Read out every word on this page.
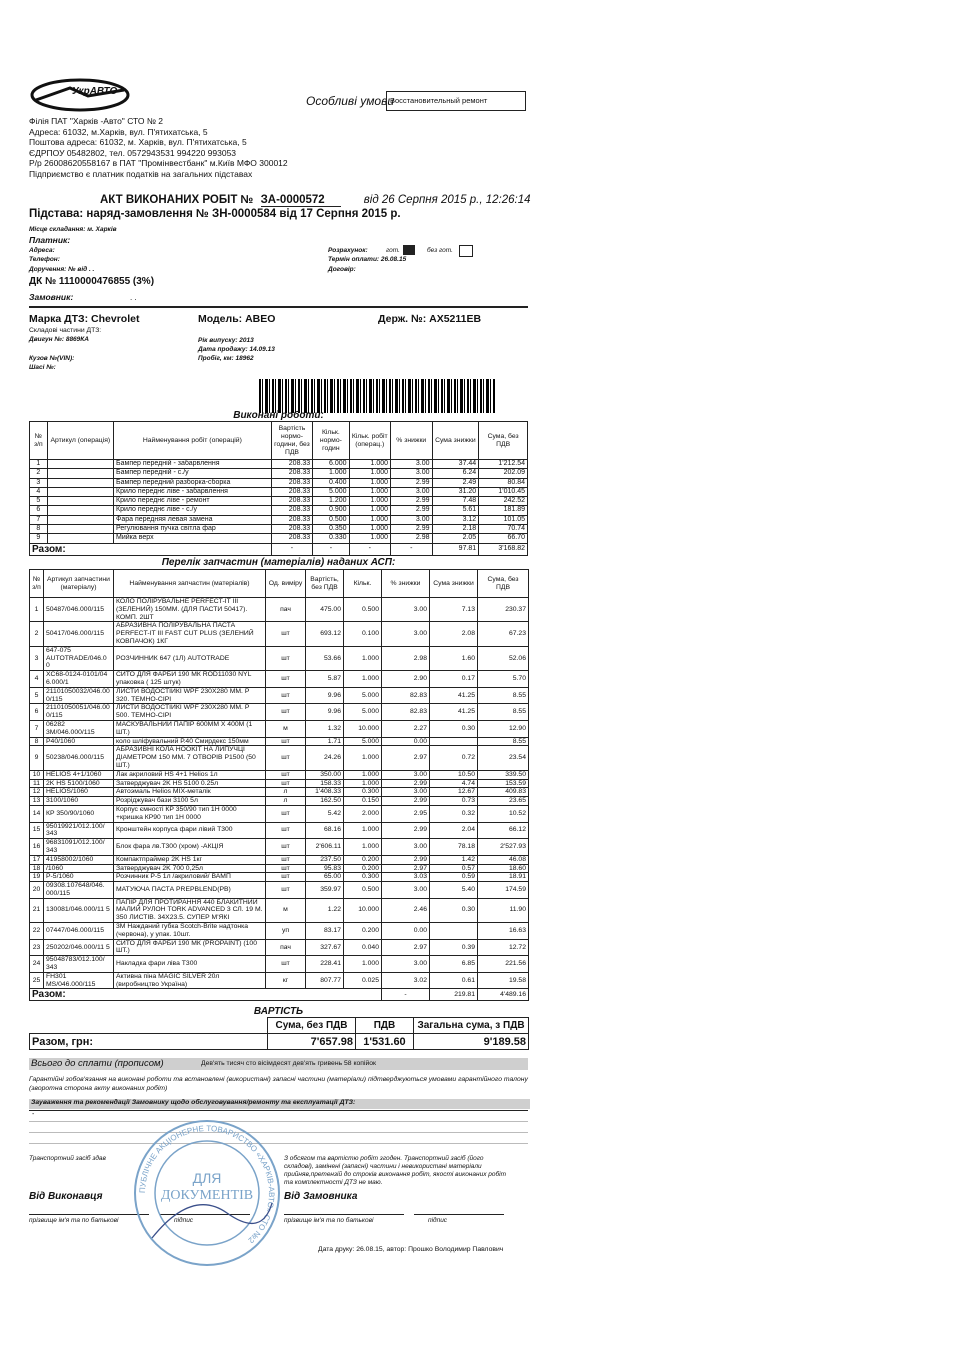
УкрАВТО
Особливі умови
Восстановительный ремонт
Філія ПАТ "Харків -Авто" СТО № 2
Адреса: 61032, м.Харків, вул. П'ятихатська, 5
Поштова адреса: 61032, м. Харків, вул. П'ятихатська, 5
ЄДРПОУ 05482802, тел. 0572943531 994220 993053
Р/р 26008620558167 в ПАТ "Промінвестбанк" м.Київ МФО 300012
Підприємство є платник податків на загальних підставах
АКТ ВИКОНАНИХ РОБІТ № ЗА-0000572	від 26 Серпня 2015 р., 12:26:14
Підстава: наряд-замовлення № ЗН-0000584 від 17 Серпня 2015 р.
Місце складання: м. Харків
Платник:
Адреса:
Телефон:
Доручення: № від . .
ДК № 1110000476855 (3%)
Замовник:	. .
Розрахунок:	гот.	без гот.
Термін оплати: 26.08.15
Договір:
Марка ДТЗ: Chevrolet	Модель: АВЕО	Держ. №: АХ5211ЕВ
Складові частини ДТЗ:
Двигун №: 8869КА
Кузов №(VIN):
Шасі №:
Рік випуску: 2013
Дата продажу: 14.09.13
Пробіг, км: 18962
Виконані роботи:
№ з/п	Артикул (операція)	Найменування робіт (операцій)	Вартість нормо-години, без ПДВ	Кільк. нормо-годин	Кільк. робіт (операц.)	% знижки	Сума знижки	Сума, без ПДВ
1		Бампер передній - забарвлення	208.33	6.000	1.000	3.00	37.44	1'212.54
2		Бампер передній - с./у	208.33	1.000	1.000	3.00	6.24	202.09
3		Бампер передний разборка-сборка	208.33	0.400	1.000	2.99	2.49	80.84
4		Крило переднє ліве - забарвлення	208.33	5.000	1.000	3.00	31.20	1'010.45
5		Крило переднє ліве - ремонт	208.33	1.200	1.000	2.99	7.48	242.52
6		Крило переднє ліве - с./у	208.33	0.900	1.000	2.99	5.61	181.89
7		Фара передняя левая замена	208.33	0.500	1.000	3.00	3.12	101.05
8		Регулювання пучка світла фар	208.33	0.350	1.000	2.99	2.18	70.74
9		Мийка верх	208.33	0.330	1.000	2.98	2.05	66.70
Разом:			-	-	-	-	97.81	3'168.82
Перелік запчастин (матеріалів) наданих АСП:
№ з/п	Артикул запчастини (матеріалу)	Найменування запчастин (матеріалів)	Од. виміру	Вартість, без ПДВ	Кільк.	% знижки	Сума знижки	Сума, без ПДВ
1	50487/046.000/115	КОЛО ПОЛІРУВАЛЬНЕ PERFECT-IT III (ЗЕЛЕНИЙ) 150ММ. (ДЛЯ ПАСТИ 50417). КОМП. 2ШТ	пач	475.00	0.500	3.00	7.13	230.37
2	50417/046.000/115	АБРАЗИВНА ПОЛІРУВАЛЬНА ПАСТА PERFECT-IT III FAST CUT PLUS (ЗЕЛЕНИЙ КОВПАЧОК) 1КГ	шт	693.12	0.100	3.00	2.08	67.23
3	647-075 AUTOTRADE/046.0 0	РОЗЧИННИК 647 (1Л) AUTOTRADE	шт	53.66	1.000	2.98	1.60	52.06
4	XC68-0124-0101/04 6.000/1	СИТО ДЛЯ ФАРБИ 190 МК ROD11030 NYL упаковка ( 125 штук)	шт	5.87	1.000	2.90	0.17	5.70
5	21101050032/046.00 0/115	ЛИСТИ ВОДОСТІЙКІ WPF 230X280 ММ. Р 320. ТЕМНО-СІРІ	шт	9.96	5.000	82.83	41.25	8.55
6	21101050051/046.00 0/115	ЛИСТИ ВОДОСТІЙКІ WPF 230X280 ММ. Р 500. ТЕМНО-СІРІ	шт	9.96	5.000	82.83	41.25	8.55
7	06282 3М/046.000/115	МАСКУВАЛЬНИЙ ПАПІР 600ММ Х 400М (1 ШТ.)	м	1.32	10.000	2.27	0.30	12.90
8	Р40/1060	коло шліфувальний Р.40 Смирдекс 150мм	шт	1.71	5.000	0.00		8.55
9	50238/046.000/115	АБРАЗИВНІ КОЛА HOOKIT НА ЛИПУЧЦІ ДІАМЕТРОМ 150 ММ. 7 ОТВОРІВ Р1500 (50 ШТ.)	шт	24.26	1.000	2.97	0.72	23.54
10	HELIOS 4+1/1060	Лак акриловий HS 4+1 Helios 1л	шт	350.00	1.000	3.00	10.50	339.50
11	2K HS 5100/1060	Затверджувач 2K HS 5100 0.25л	шт	158.33	1.000	2.99	4.74	153.59
12	HELIOS/1060	Автоэмаль Helios MIX-металік	л	1'408.33	0.300	3.00	12.67	409.83
13	3100/1060	Розріджувач бази 3100 5л	л	162.50	0.150	2.99	0.73	23.65
14	КР 350/90/1060	Корпус ємності КР 350/90 тип 1Н 0000 +кришка КР90 тип 1Н 0000	шт	5.42	2.000	2.95	0.32	10.52
15	95019921/012.100/ 343	Кронштейн корпуса фари лівий Т300	шт	68.16	1.000	2.99	2.04	66.12
16	96831091/012.100/ 343	Блок фара лв.Т300 (хром) -АКЦІЯ	шт	2'606.11	1.000	3.00	78.18	2'527.93
17	41958002/1060	Компактпраймер 2K HS 1кг	шт	237.50	0.200	2.99	1.42	46.08
18	/1060	Затверджувач 2K 700 0,25л	шт	95.83	0.200	2.97	0.57	18.60
19	Р-5/1060	Розчинник Р-5 1л /акриловий/ ВАМП	шт	65.00	0.300	3.03	0.59	18.91
20	09308.107648/046. 000/115	МАТУЮЧА ПАСТА PREPBLEND(PB)	шт	359.97	0.500	3.00	5.40	174.59
21	130081/046.000/11 5	ПАПІР ДЛЯ ПРОТИРАННЯ 440 БЛАКИТНИЙ МАЛИЙ РУЛОН TORK ADVANCED 3 СЛ. 19 М. 350 ЛИСТІВ. 34Х23.5. СУПЕР М'ЯКІ	м	1.22	10.000	2.46	0.30	11.90
22	07447/046.000/115	3М Нажданий губка Scotch-Brite надтонка (червона), у упак. 10шт.	уп	83.17	0.200	0.00		16.63
23	250202/046.000/11 5	СИТО ДЛЯ ФАРБИ 190 МК (PROPAINT) (100 ШТ.)	пач	327.67	0.040	2.97	0.39	12.72
24	95048783/012.100/ 343	Накладка фари ліва Т300	шт	228.41	1.000	3.00	6.85	221.56
25	FH301 MS/046.000/115	Активна піна MAGIC SILVER 20л (виробництво Україна)	кг	807.77	0.025	3.02	0.61	19.58
Разом:						-	219.81	4'489.16
ВАРТІСТЬ
	Сума, без ПДВ	ПДВ	Загальна сума, з ПДВ
Разом, грн:	7'657.98	1'531.60	9'189.58
Всього до сплати (прописом)	Дев'ять тисяч сто вісімдесят дев'ять гривень 58 копійок
Гарантійні зобов'язання на виконані роботи та встановлені (використані) запасні частини (матеріали) підтверджуються умовами гарантійного талону (зворотна сторона акту виконаних робіт)
Зауваження та рекомендації Замовнику щодо обслуговування/ремонту та експлуатації ДТЗ:
-
Транспортний засіб здав
Від Виконавця
прізвище ім'я та по батькові	підпис
З обсягом та вартістю робіт згоден. Транспортний засіб (його складові), замінені (запасні) частини і невикористані матеріали прийняв,претензій до строків виконання робіт, якості виконаних робіт та комплектності ДТЗ не маю.
Від Замовника
прізвище ім'я та по батькові	підпис
ПУБЛІЧНЕ АКЦІОНЕРНЕ ТОВАРИСТВО «ХАРКІВ-АВТО» СТО №2
ДЛЯ
ДОКУМЕНТІВ
Дата друку: 26.08.15, автор: Прошко Володимир Павлович
